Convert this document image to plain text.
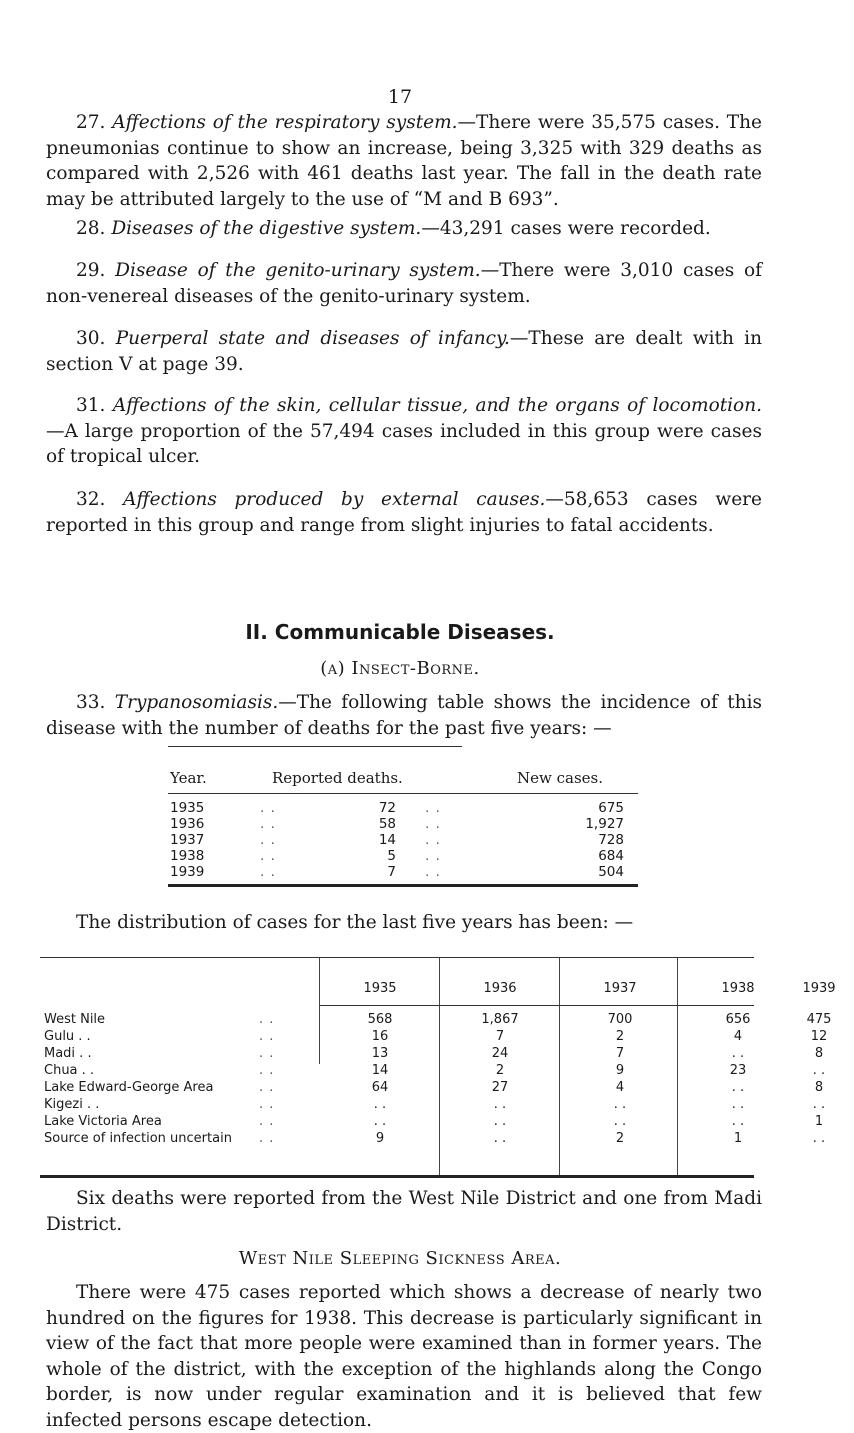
17
27. Affections of the respiratory system.—There were 35,575 cases. The pneumonias continue to show an increase, being 3,325 with 329 deaths as compared with 2,526 with 461 deaths last year. The fall in the death rate may be attributed largely to the use of “M and B 693”.
28. Diseases of the digestive system.—43,291 cases were recorded.
29. Disease of the genito-urinary system.—There were 3,010 cases of non-venereal diseases of the genito-urinary system.
30. Puerperal state and diseases of infancy.—These are dealt with in section V at page 39.
31. Affections of the skin, cellular tissue, and the organs of locomotion.—A large proportion of the 57,494 cases included in this group were cases of tropical ulcer.
32. Affections produced by external causes.—58,653 cases were reported in this group and range from slight injuries to fatal accidents.
II. Communicable Diseases.
(a) Insect-Borne.
33. Trypanosomiasis.—The following table shows the incidence of this disease with the number of deaths for the past five years: —
Year.	Reported deaths.	New cases.
1935	. .	72 . .	675
1936	. .	58 . .	1,927
1937	. .	14 . .	728
1938	. .	5 . .	684
1939	. .	7 . .	504
The distribution of cases for the last five years has been: —
1935	1936	1937	1938	1939
West Nile	. .	568	1,867	700	656	475
Gulu . .	. .	16	7	2	4	12
Madi . .	. .	13	24	7	. .	8
Chua . .	. .	14	2	9	23	. .
Lake Edward-George Area	. .	64	27	4	. .	8
Kigezi . .	. .	. .	. .	. .	. .	. .
Lake Victoria Area	. .	. .	. .	. .	. .	1
Source of infection uncertain . .	9	. .	2	1	. .
Six deaths were reported from the West Nile District and one from Madi District.
West Nile Sleeping Sickness Area.
There were 475 cases reported which shows a decrease of nearly two hundred on the figures for 1938. This decrease is particularly significant in view of the fact that more people were examined than in former years. The whole of the district, with the exception of the highlands along the Congo border, is now under regular examination and it is believed that few infected persons escape detection.
